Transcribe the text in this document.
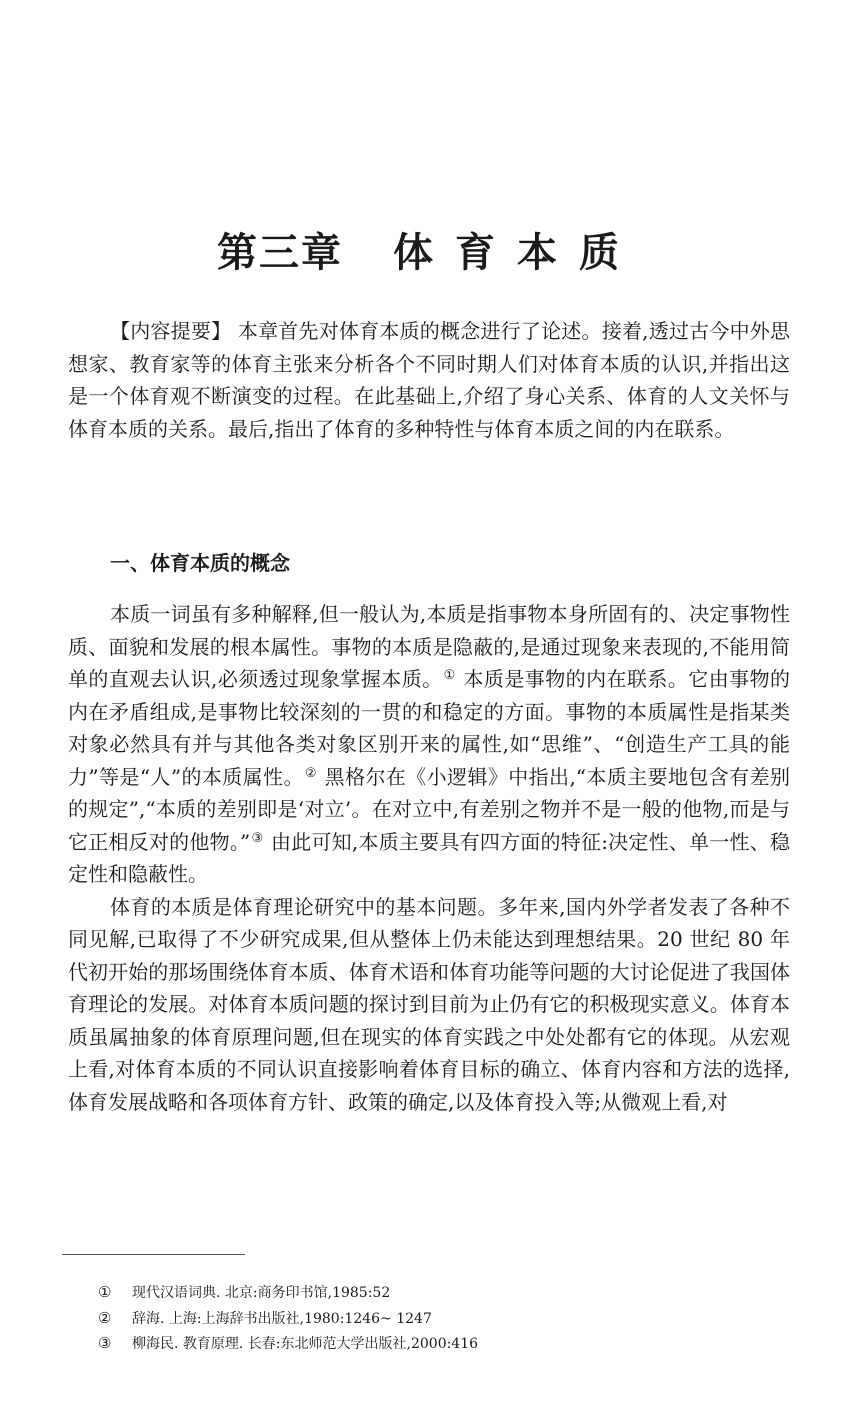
第三章 体 育 本 质

【内容提要】 本章首先对体育本质的概念进行了论述。接着,透过古今中外思想家、教育家等的体育主张来分析各个不同时期人们对体育本质的认识,并指出这是一个体育观不断演变的过程。在此基础上,介绍了身心关系、体育的人文关怀与体育本质的关系。最后,指出了体育的多种特性与体育本质之间的内在联系。

一、体育本质的概念

本质一词虽有多种解释,但一般认为,本质是指事物本身所固有的、决定事物性质、面貌和发展的根本属性。事物的本质是隐蔽的,是通过现象来表现的,不能用简单的直观去认识,必须透过现象掌握本质。① 本质是事物的内在联系。它由事物的内在矛盾组成,是事物比较深刻的一贯的和稳定的方面。事物的本质属性是指某类对象必然具有并与其他各类对象区别开来的属性,如“思维”、“创造生产工具的能力”等是“人”的本质属性。② 黑格尔在《小逻辑》中指出,“本质主要地包含有差别的规定”,“本质的差别即是‘对立’。在对立中,有差别之物并不是一般的他物,而是与它正相反对的他物。”③ 由此可知,本质主要具有四方面的特征:决定性、单一性、稳定性和隐蔽性。

体育的本质是体育理论研究中的基本问题。多年来,国内外学者发表了各种不同见解,已取得了不少研究成果,但从整体上仍未能达到理想结果。20 世纪 80 年代初开始的那场围绕体育本质、体育术语和体育功能等问题的大讨论促进了我国体育理论的发展。对体育本质问题的探讨到目前为止仍有它的积极现实意义。体育本质虽属抽象的体育原理问题,但在现实的体育实践之中处处都有它的体现。从宏观上看,对体育本质的不同认识直接影响着体育目标的确立、体育内容和方法的选择,体育发展战略和各项体育方针、政策的确定,以及体育投入等;从微观上看,对

① 现代汉语词典. 北京:商务印书馆,1985:52
② 辞海. 上海:上海辞书出版社,1980:1246~ 1247
③ 柳海民. 教育原理. 长春:东北师范大学出版社,2000:416
